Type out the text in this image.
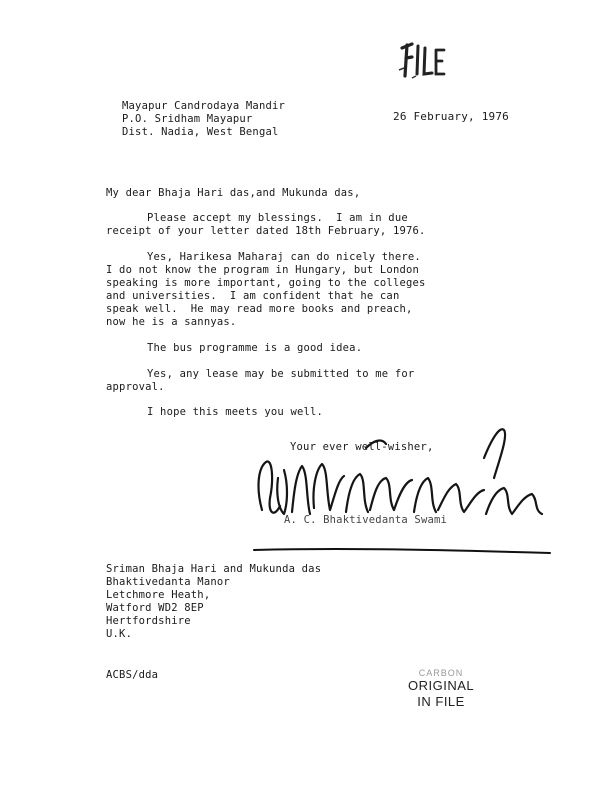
Mayapur Candrodaya Mandir
P.O. Sridham Mayapur
Dist. Nadia, West Bengal
26 February, 1976
My dear Bhaja Hari das,and Mukunda das,
Please accept my blessings.  I am in due
receipt of your letter dated 18th February, 1976.
Yes, Harikesa Maharaj can do nicely there.
I do not know the program in Hungary, but London
speaking is more important, going to the colleges
and universities.  I am confident that he can
speak well.  He may read more books and preach,
now he is a sannyas.
The bus programme is a good idea.
Yes, any lease may be submitted to me for
approval.
I hope this meets you well.
Your ever well-wisher,
A. C. Bhaktivedanta Swami
Sriman Bhaja Hari and Mukunda das
Bhaktivedanta Manor
Letchmore Heath,
Watford WD2 8EP
Hertfordshire
U.K.
ACBS/dda	CARBON
ORIGINAL
IN FILE
